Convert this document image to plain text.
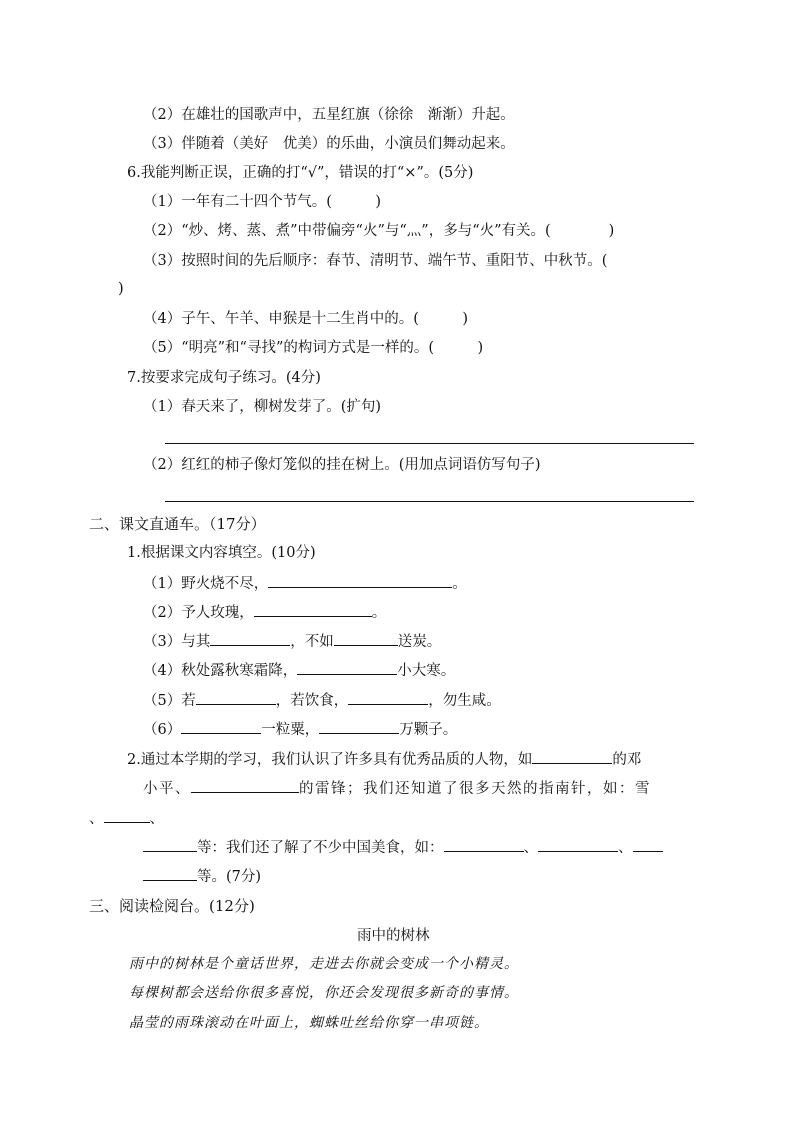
（2）在雄壮的国歌声中，五星红旗（徐徐　渐渐）升起。
（3）伴随着（美好　优美）的乐曲，小演员们舞动起来。
6.我能判断正误，正确的打“√”，错误的打“×”。(5分)
（1）一年有二十四个节气。(　　　)
（2）“炒、烤、蒸、煮”中带偏旁“火”与“灬”，多与“火”有关。(　　　　)
（3）按照时间的先后顺序：春节、清明节、端午节、重阳节、中秋节。(
)
（4）子午、午羊、申猴是十二生肖中的。(　　　)
（5）“明亮”和“寻找”的构词方式是一样的。(　　　)
7.按要求完成句子练习。(4分)
（1）春天来了，柳树发芽了。(扩句)
（2）红红的柿子像灯笼似的挂在树上。(用加点词语仿写句子)
二、课文直通车。（17分）
1.根据课文内容填空。(10分)
（1）野火烧不尽，	。
（2）予人玫瑰，	。
（3）与其	，不如	送炭。
（4）秋处露秋寒霜降，	小大寒。
（5）若	，若饮食，	，勿生咸。
（6）	一粒粟，	万颗子。
2.通过本学期的学习，我们认识了许多具有优秀品质的人物，如	的邓
小平、	的雷锋；我们还知道了很多天然的指南针，如：雪
、	、
等：我们还了解了不少中国美食，如：	、	、
等。(7分)
三、阅读检阅台。(12分)
雨中的树林
雨中的树林是个童话世界，走进去你就会变成一个小精灵。
每棵树都会送给你很多喜悦，你还会发现很多新奇的事情。
晶莹的雨珠滚动在叶面上，蜘蛛吐丝给你穿一串项链。
